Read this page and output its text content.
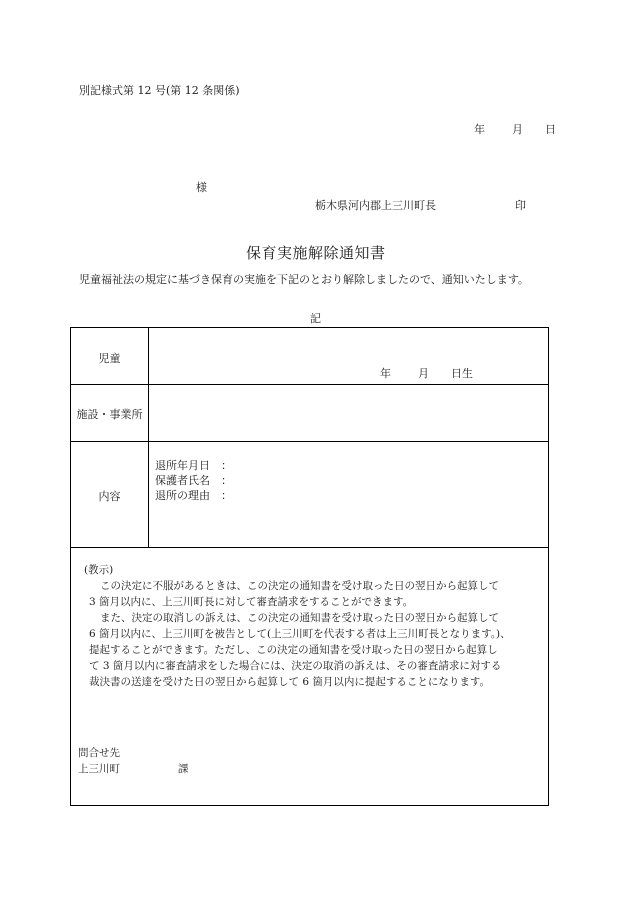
別記様式第 12 号(第 12 条関係)
年 月 日
様
栃木県河内郡上三川町長	印
保育実施解除通知書
児童福祉法の規定に基づき保育の実施を下記のとおり解除しましたので、通知いたします。
記
児童
年 月 日生
施設・事業所
内容
退所年月日　：
保護者氏名　：
退所の理由　：
(教示)
この決定に不服があるときは、この決定の通知書を受け取った日の翌日から起算して
3 箇月以内に、上三川町長に対して審査請求をすることができます。
また、決定の取消しの訴えは、この決定の通知書を受け取った日の翌日から起算して
6 箇月以内に、上三川町を被告として(上三川町を代表する者は上三川町長となります。)、
提起することができます。ただし、この決定の通知書を受け取った日の翌日から起算し
て 3 箇月以内に審査請求をした場合には、決定の取消の訴えは、その審査請求に対する
裁決書の送達を受けた日の翌日から起算して 6 箇月以内に提起することになります。
問合せ先
上三川町	課
